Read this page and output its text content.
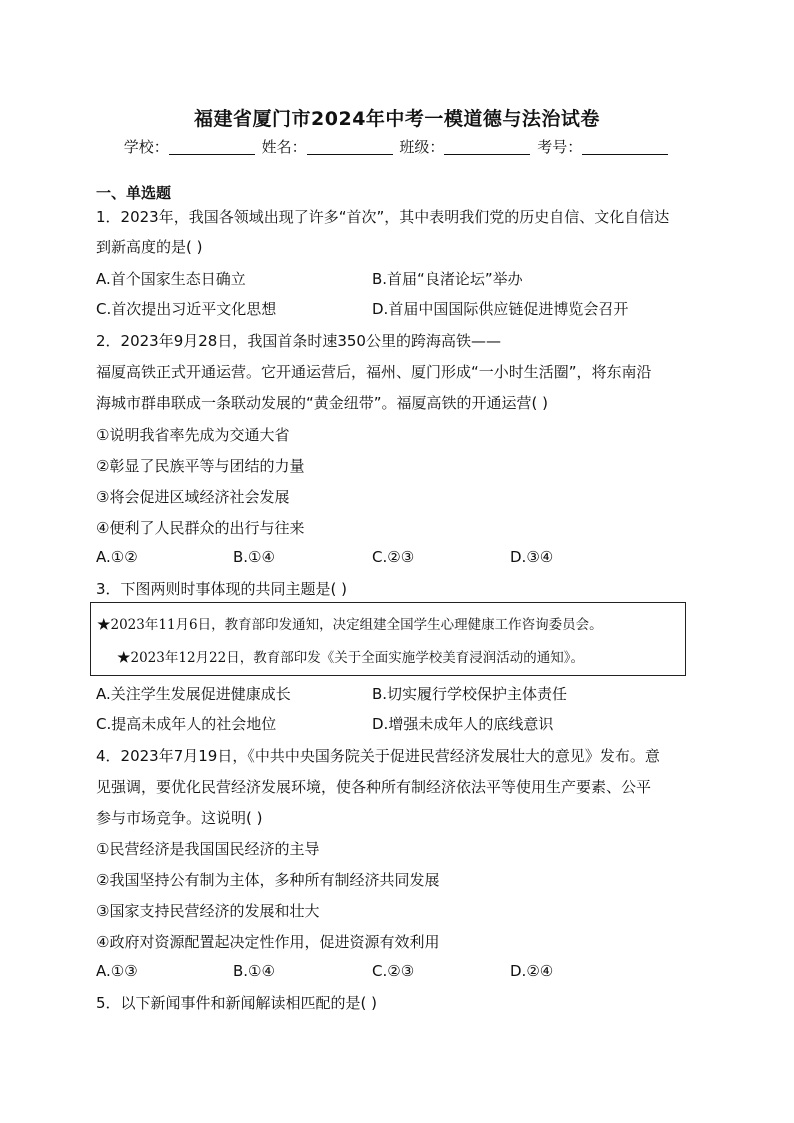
福建省厦门市2024年中考一模道德与法治试卷
学校：	姓名：	班级：	考号：
一、单选题
1．2023年，我国各领域出现了许多“首次”，其中表明我们党的历史自信、文化自信达
到新高度的是( )
A.首个国家生态日确立	B.首届“良渚论坛”举办
C.首次提出习近平文化思想	D.首届中国国际供应链促进博览会召开
2．2023年9月28日，我国首条时速350公里的跨海高铁——
福厦高铁正式开通运营。它开通运营后，福州、厦门形成“一小时生活圈”，将东南沿
海城市群串联成一条联动发展的“黄金纽带”。福厦高铁的开通运营( )
①说明我省率先成为交通大省
②彰显了民族平等与团结的力量
③将会促进区域经济社会发展
④便利了人民群众的出行与往来
A.①②	B.①④	C.②③	D.③④
3．下图两则时事体现的共同主题是( )
★2023年11月6日，教育部印发通知，决定组建全国学生心理健康工作咨询委员会。
★2023年12月22日，教育部印发《关于全面实施学校美育浸润活动的通知》。
A.关注学生发展促进健康成长	B.切实履行学校保护主体责任
C.提高未成年人的社会地位	D.增强未成年人的底线意识
4．2023年7月19日，《中共中央国务院关于促进民营经济发展壮大的意见》发布。意
见强调，要优化民营经济发展环境，使各种所有制经济依法平等使用生产要素、公平
参与市场竞争。这说明( )
①民营经济是我国国民经济的主导
②我国坚持公有制为主体，多种所有制经济共同发展
③国家支持民营经济的发展和壮大
④政府对资源配置起决定性作用，促进资源有效利用
A.①③	B.①④	C.②③	D.②④
5．以下新闻事件和新闻解读相匹配的是( )
